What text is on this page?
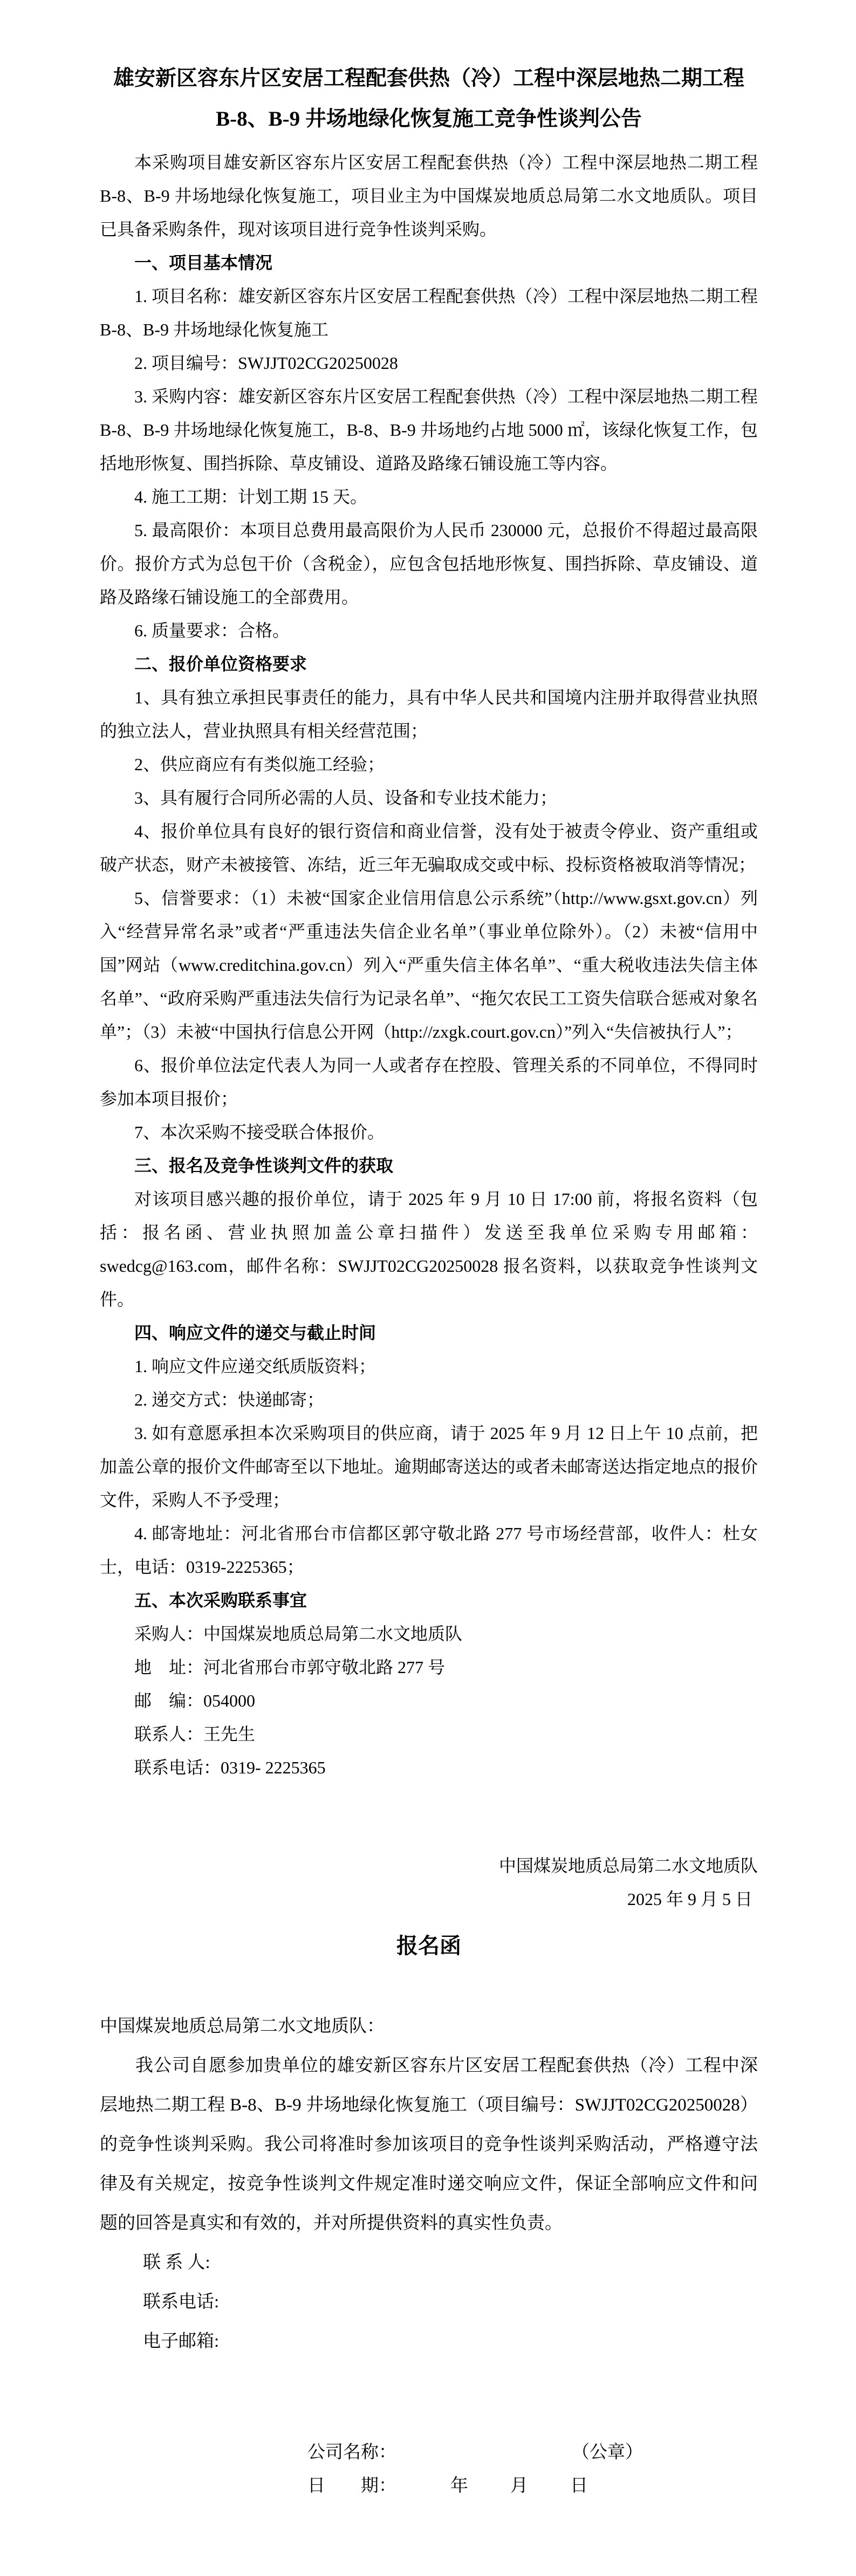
雄安新区容东片区安居工程配套供热（冷）工程中深层地热二期工程
B-8、B-9 井场地绿化恢复施工竞争性谈判公告

本采购项目雄安新区容东片区安居工程配套供热（冷）工程中深层地热二期工程 B-8、B-9 井场地绿化恢复施工，项目业主为中国煤炭地质总局第二水文地质队。项目已具备采购条件，现对该项目进行竞争性谈判采购。

一、项目基本情况

1. 项目名称：雄安新区容东片区安居工程配套供热（冷）工程中深层地热二期工程 B-8、B-9 井场地绿化恢复施工

2. 项目编号：SWJJT02CG20250028

3. 采购内容：雄安新区容东片区安居工程配套供热（冷）工程中深层地热二期工程 B-8、B-9 井场地绿化恢复施工，B-8、B-9 井场地约占地 5000 ㎡，该绿化恢复工作，包括地形恢复、围挡拆除、草皮铺设、道路及路缘石铺设施工等内容。

4. 施工工期：计划工期 15 天。

5. 最高限价：本项目总费用最高限价为人民币 230000 元，总报价不得超过最高限价。报价方式为总包干价（含税金），应包含包括地形恢复、围挡拆除、草皮铺设、道路及路缘石铺设施工的全部费用。

6. 质量要求：合格。

二、报价单位资格要求

1、具有独立承担民事责任的能力，具有中华人民共和国境内注册并取得营业执照的独立法人，营业执照具有相关经营范围；

2、供应商应有有类似施工经验；

3、具有履行合同所必需的人员、设备和专业技术能力；

4、报价单位具有良好的银行资信和商业信誉，没有处于被责令停业、资产重组或破产状态，财产未被接管、冻结，近三年无骗取成交或中标、投标资格被取消等情况；

5、信誉要求：（1）未被“国家企业信用信息公示系统”（http://www.gsxt.gov.cn）列入“经营异常名录”或者“严重违法失信企业名单”（事业单位除外）。（2）未被“信用中国”网站（www.creditchina.gov.cn）列入“严重失信主体名单”、“重大税收违法失信主体名单”、“政府采购严重违法失信行为记录名单”、“拖欠农民工工资失信联合惩戒对象名单”；（3）未被“中国执行信息公开网（http://zxgk.court.gov.cn）”列入“失信被执行人”；

6、报价单位法定代表人为同一人或者存在控股、管理关系的不同单位，不得同时参加本项目报价；

7、本次采购不接受联合体报价。

三、报名及竞争性谈判文件的获取

对该项目感兴趣的报价单位，请于 2025 年 9 月 10 日 17:00 前，将报名资料（包括：报名函、营业执照加盖公章扫描件）发送至我单位采购专用邮箱：swedcg@163.com，邮件名称：SWJJT02CG20250028 报名资料，以获取竞争性谈判文件。

四、响应文件的递交与截止时间

1. 响应文件应递交纸质版资料；

2. 递交方式：快递邮寄；

3. 如有意愿承担本次采购项目的供应商，请于 2025 年 9 月 12 日上午 10 点前，把加盖公章的报价文件邮寄至以下地址。逾期邮寄送达的或者未邮寄送达指定地点的报价文件，采购人不予受理；

4. 邮寄地址：河北省邢台市信都区郭守敬北路 277 号市场经营部，收件人：杜女士，电话：0319-2225365；

五、本次采购联系事宜

采购人：中国煤炭地质总局第二水文地质队

地　址：河北省邢台市郭守敬北路 277 号

邮　编：054000

联系人：王先生

联系电话：0319- 2225365

中国煤炭地质总局第二水文地质队

2025 年 9 月 5 日

报名函

中国煤炭地质总局第二水文地质队：

我公司自愿参加贵单位的雄安新区容东片区安居工程配套供热（冷）工程中深层地热二期工程 B-8、B-9 井场地绿化恢复施工（项目编号：SWJJT02CG20250028）的竞争性谈判采购。我公司将准时参加该项目的竞争性谈判采购活动，严格遵守法律及有关规定，按竞争性谈判文件规定准时递交响应文件，保证全部响应文件和问题的回答是真实和有效的，并对所提供资料的真实性负责。

联 系 人:

联系电话:

电子邮箱:

公司名称：	（公章）

日　　期：	年 月 日
